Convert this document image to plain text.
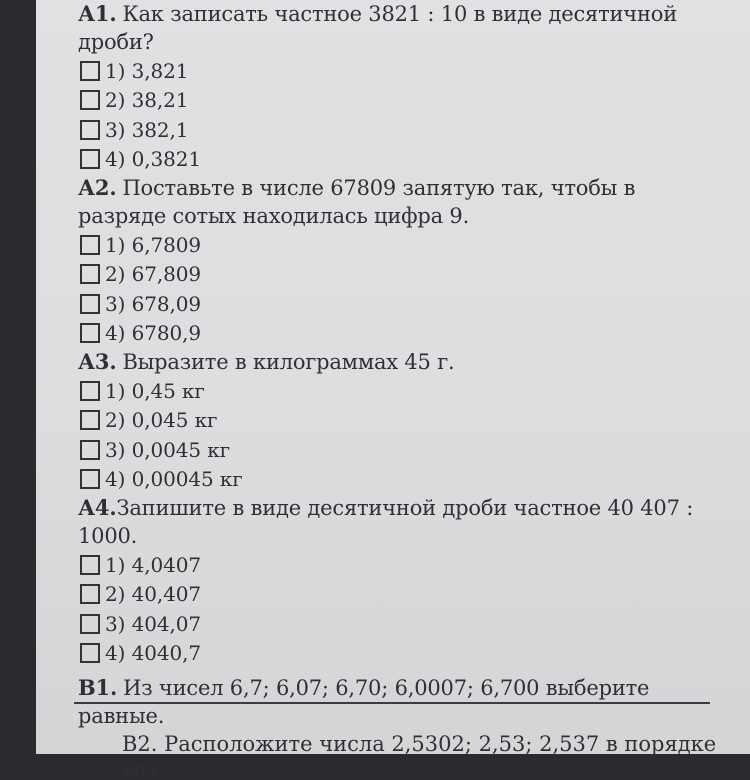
А1. Как записать частное 3821 : 10 в виде десятичной дроби?
1) 3,821
2) 38,21
3) 382,1
4) 0,3821
А2. Поставьте в числе 67809 запятую так, чтобы в разряде сотых находилась цифра 9.
1) 6,7809
2) 67,809
3) 678,09
4) 6780,9
А3. Выразите в килограммах 45 г.
1) 0,45 кг
2) 0,045 кг
3) 0,0045 кг
4) 0,00045 кг
А4.Запишите в виде десятичной дроби частное 40 407 : 1000.
1) 4,0407
2) 40,407
3) 404,07
4) 4040,7
В1. Из чисел 6,7; 6,07; 6,70; 6,0007; 6,700 выберите равные.
В2. Расположите числа 2,5302; 2,53; 2,537 в порядке воз
